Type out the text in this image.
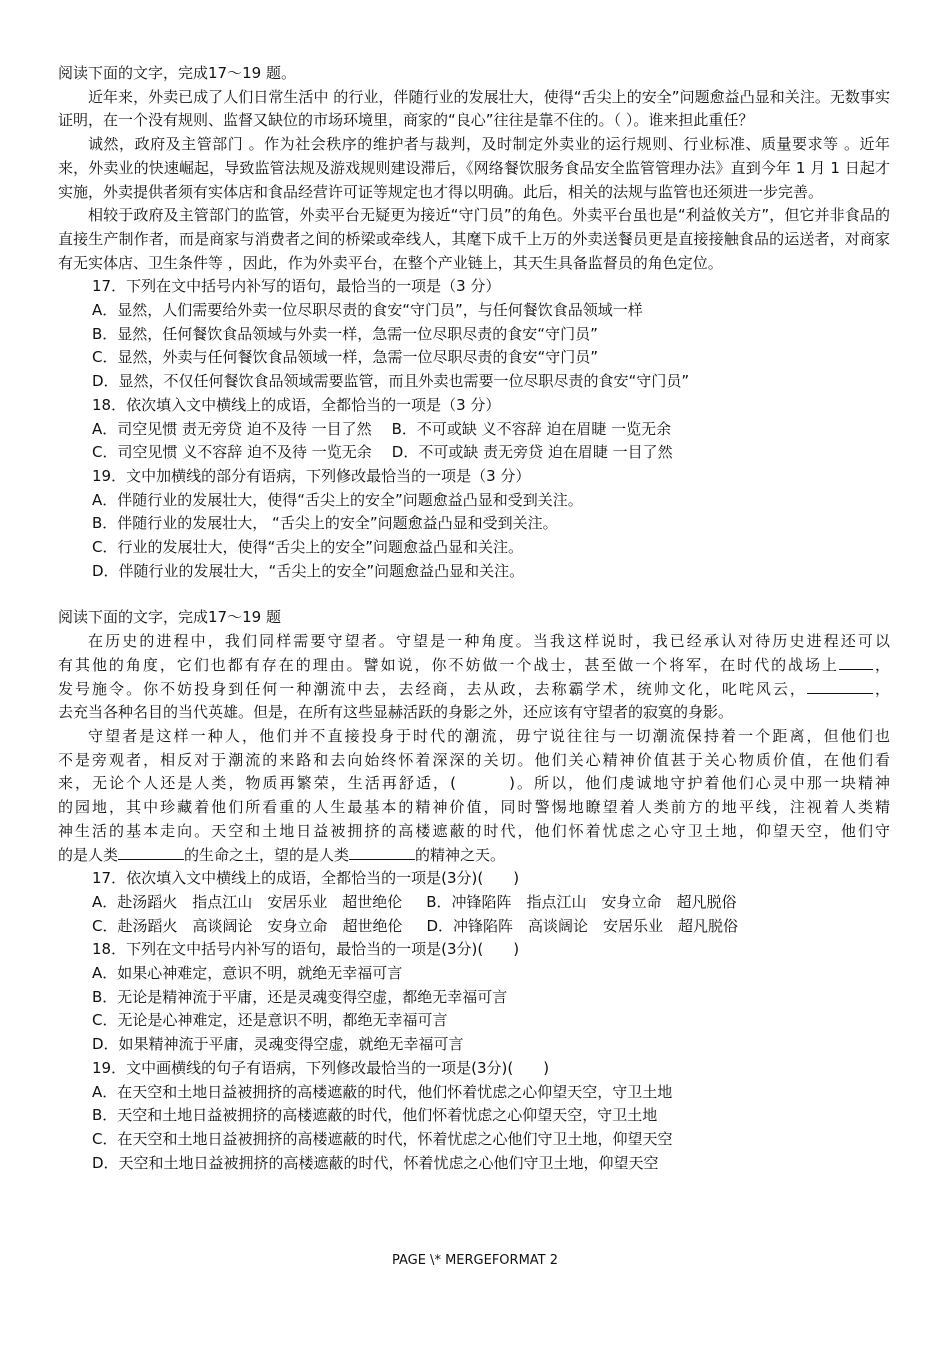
阅读下面的文字，完成17～19 题。
近年来，外卖已成了人们日常生活中 的行业，伴随行业的发展壮大，使得“舌尖上的安全”问题愈益凸显和关注。无数事实证明，在一个没有规则、监督又缺位的市场环境里，商家的“良心”往往是靠不住的。（ ）。谁来担此重任？
诚然，政府及主管部门 。作为社会秩序的维护者与裁判，及时制定外卖业的运行规则、行业标准、质量要求等 。近年来，外卖业的快速崛起，导致监管法规及游戏规则建设滞后，《网络餐饮服务食品安全监管管理办法》直到今年 1 月 1 日起才实施，外卖提供者须有实体店和食品经营许可证等规定也才得以明确。此后，相关的法规与监管也还须进一步完善。
相较于政府及主管部门的监管，外卖平台无疑更为接近“守门员”的角色。外卖平台虽也是“利益攸关方”，但它并非食品的直接生产制作者，而是商家与消费者之间的桥梁或牵线人，其麾下成千上万的外卖送餐员更是直接接触食品的运送者，对商家有无实体店、卫生条件等 ，因此，作为外卖平台，在整个产业链上，其天生具备监督员的角色定位。
17．下列在文中括号内补写的语句，最恰当的一项是（3 分）
A．显然，人们需要给外卖一位尽职尽责的食安“守门员”，与任何餐饮食品领域一样
B．显然，任何餐饮食品领域与外卖一样，急需一位尽职尽责的食安“守门员”
C．显然，外卖与任何餐饮食品领域一样，急需一位尽职尽责的食安“守门员”
D．显然，不仅任何餐饮食品领域需要监管，而且外卖也需要一位尽职尽责的食安“守门员”
18．依次填入文中横线上的成语，全都恰当的一项是（3 分）
A．司空见惯 责无旁贷 迫不及待 一目了然 B．不可或缺 义不容辞 迫在眉睫 一览无余
C．司空见惯 义不容辞 迫不及待 一览无余 D．不可或缺 责无旁贷 迫在眉睫 一目了然
19．文中加横线的部分有语病，下列修改最恰当的一项是（3 分）
A．伴随行业的发展壮大，使得“舌尖上的安全”问题愈益凸显和受到关注。
B．伴随行业的发展壮大， “舌尖上的安全”问题愈益凸显和受到关注。
C．行业的发展壮大，使得“舌尖上的安全”问题愈益凸显和关注。
D．伴随行业的发展壮大，“舌尖上的安全”问题愈益凸显和关注。
阅读下面的文字，完成17～19 题
在历史的进程中，我们同样需要守望者。守望是一种角度。当我这样说时，我已经承认对待历史进程还可以
有其他的角度，它们也都有存在的理由。譬如说，你不妨做一个战士，甚至做一个将军，在时代的战场上 ，
发号施令。你不妨投身到任何一种潮流中去，去经商，去从政，去称霸学术，统帅文化，叱咤风云，	，
去充当各种名目的当代英雄。但是，在所有这些显赫活跃的身影之外，还应该有守望者的寂寞的身影。
守望者是这样一种人，他们并不直接投身于时代的潮流，毋宁说往往与一切潮流保持着一个距离，但他们也
不是旁观者，相反对于潮流的来路和去向始终怀着深深的关切。他们关心精神价值甚于关心物质价值，在他们看
来，无论个人还是人类，物质再繁荣，生活再舒适，(　　　)。所以，他们虔诚地守护着他们心灵中那一块精神
的园地，其中珍藏着他们所看重的人生最基本的精神价值，同时警惕地瞭望着人类前方的地平线，注视着人类精
神生活的基本走向。天空和土地日益被拥挤的高楼遮蔽的时代，他们怀着忧虑之心守卫土地，仰望天空，他们守
的是人类	的生命之土，望的是人类	的精神之天。
17．依次填入文中横线上的成语，全都恰当的一项是(3分)(　　)
A．赴汤蹈火　指点江山　安居乐业　超世绝伦 B．冲锋陷阵　指点江山　安身立命　超凡脱俗
C．赴汤蹈火　高谈阔论　安身立命　超世绝伦 D．冲锋陷阵　高谈阔论　安居乐业　超凡脱俗
18．下列在文中括号内补写的语句，最恰当的一项是(3分)(　　)
A．如果心神难定，意识不明，就绝无幸福可言
B．无论是精神流于平庸，还是灵魂变得空虚，都绝无幸福可言
C．无论是心神难定，还是意识不明，都绝无幸福可言
D．如果精神流于平庸，灵魂变得空虚，就绝无幸福可言
19．文中画横线的句子有语病，下列修改最恰当的一项是(3分)(　　)
A．在天空和土地日益被拥挤的高楼遮蔽的时代，他们怀着忧虑之心仰望天空，守卫土地
B．天空和土地日益被拥挤的高楼遮蔽的时代，他们怀着忧虑之心仰望天空，守卫土地
C．在天空和土地日益被拥挤的高楼遮蔽的时代，怀着忧虑之心他们守卫土地，仰望天空
D．天空和土地日益被拥挤的高楼遮蔽的时代，怀着忧虑之心他们守卫土地，仰望天空
PAGE \* MERGEFORMAT 2
